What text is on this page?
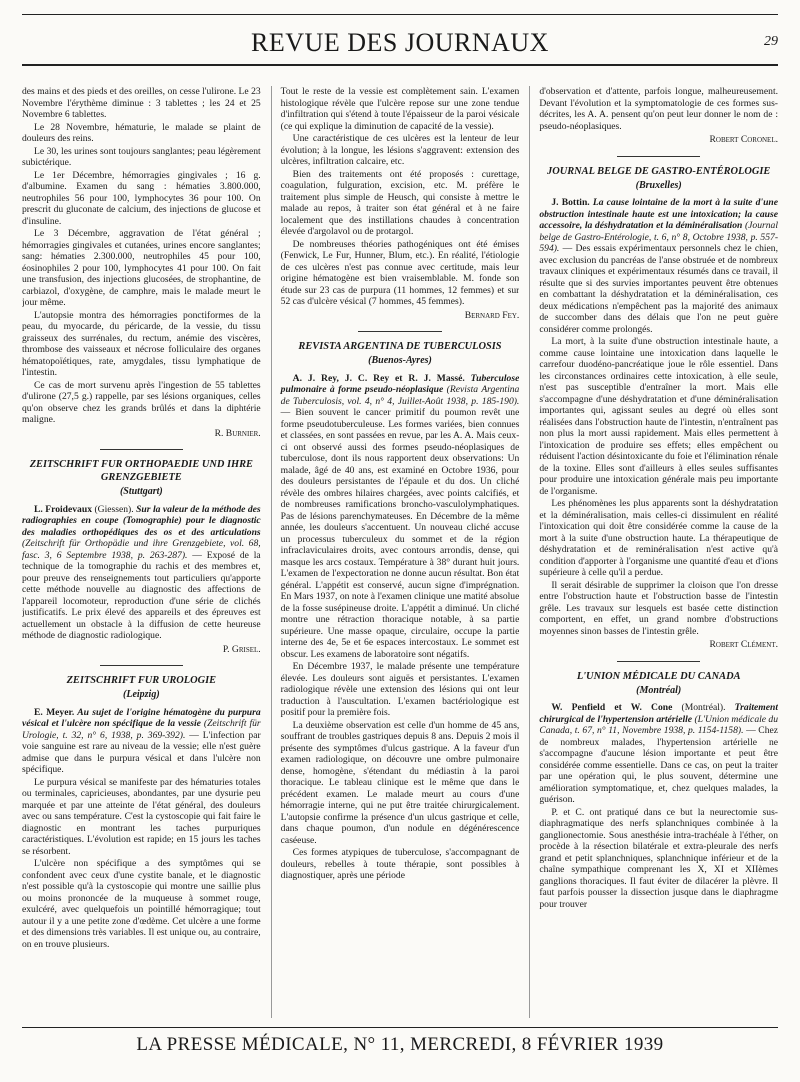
REVUE DES JOURNAUX	29

des mains et des pieds et des oreilles, on cesse l'ulirone. Le 23 Novembre l'érythème diminue : 3 tablettes ; les 24 et 25 Novembre 6 tablettes.

Le 28 Novembre, hématurie, le malade se plaint de douleurs des reins.

Le 30, les urines sont toujours sanglantes; peau légèrement subictérique.

Le 1er Décembre, hémorragies gingivales ; 16 g. d'albumine. Examen du sang : hématies 3.800.000, neutrophiles 56 pour 100, lymphocytes 36 pour 100. On prescrit du gluconate de calcium, des injections de glucose et d'insuline.

Le 3 Décembre, aggravation de l'état général ; hémorragies gingivales et cutanées, urines encore sanglantes; sang: hématies 2.300.000, neutrophiles 45 pour 100, éosinophiles 2 pour 100, lymphocytes 41 pour 100. On fait une transfusion, des injections glucosées, de strophantine, de carbiazol, d'oxygène, de camphre, mais le malade meurt le jour même.

L'autopsie montra des hémorragies ponctiformes de la peau, du myocarde, du péricarde, de la vessie, du tissu graisseux des surrénales, du rectum, anémie des viscères, thrombose des vaisseaux et nécrose folliculaire des organes hématopoïétiques, rate, amygdales, tissu lymphatique de l'intestin.

Ce cas de mort survenu après l'ingestion de 55 tablettes d'ulirone (27,5 g.) rappelle, par ses lésions organiques, celles qu'on observe chez les grands brûlés et dans la diphtérie maligne.

R. Burnier.
ZEITSCHRIFT FUR ORTHOPAEDIE UND IHRE GRENZGEBIETE
(Stuttgart)

L. Froidevaux (Giessen). Sur la valeur de la méthode des radiographies en coupe (Tomographie) pour le diagnostic des maladies orthopédiques des os et des articulations (Zeitschrift für Orthopädie und ihre Grenzgebiete, vol. 68, fasc. 3, 6 Septembre 1938, p. 263-287). — Exposé de la technique de la tomographie du rachis et des membres et, pour preuve des renseignements tout particuliers qu'apporte cette méthode nouvelle au diagnostic des affections de l'appareil locomoteur, reproduction d'une série de clichés justificatifs. Le prix élevé des appareils et des épreuves est actuellement un obstacle à la diffusion de cette heureuse méthode de diagnostic radiologique.

P. Grisel.
ZEITSCHRIFT FUR UROLOGIE
(Leipzig)

E. Meyer. Au sujet de l'origine hématogène du purpura vésical et l'ulcère non spécifique de la vessie (Zeitschrift für Urologie, t. 32, n° 6, 1938, p. 369-392). — L'infection par voie sanguine est rare au niveau de la vessie; elle n'est guère admise que dans le purpura vésical et dans l'ulcère non spécifique.

Le purpura vésical se manifeste par des hématuries totales ou terminales, capricieuses, abondantes, par une dysurie peu marquée et par une atteinte de l'état général, des douleurs avec ou sans température. C'est la cystoscopie qui fait faire le diagnostic en montrant les taches purpuriques caractéristiques. L'évolution est rapide; en 15 jours les taches se résorbent.

L'ulcère non spécifique a des symptômes qui se confondent avec ceux d'une cystite banale, et le diagnostic n'est possible qu'à la cystoscopie qui montre une saillie plus ou moins prononcée de la muqueuse à sommet rouge, exulcéré, avec quelquefois un pointillé hémorragique; tout autour il y a une petite zone d'œdème. Cet ulcère a une forme et des dimensions très variables. Il est unique ou, au contraire, on en trouve plusieurs.

Tout le reste de la vessie est complètement sain. L'examen histologique révèle que l'ulcère repose sur une zone tendue d'infiltration qui s'étend à toute l'épaisseur de la paroi vésicale (ce qui explique la diminution de capacité de la vessie).

Une caractéristique de ces ulcères est la lenteur de leur évolution; à la longue, les lésions s'aggravent: extension des ulcères, infiltration calcaire, etc.

Bien des traitements ont été proposés : curettage, coagulation, fulguration, excision, etc. M. préfère le traitement plus simple de Heusch, qui consiste à mettre le malade au repos, à traiter son état général et à ne faire localement que des instillations chaudes à concentration élevée d'argolavol ou de protargol.

De nombreuses théories pathogéniques ont été émises (Fenwick, Le Fur, Hunner, Blum, etc.). En réalité, l'étiologie de ces ulcères n'est pas connue avec certitude, mais leur origine hématogène est bien vraisemblable. M. fonde son étude sur 23 cas de purpura (11 hommes, 12 femmes) et sur 52 cas d'ulcère vésical (7 hommes, 45 femmes).

Bernard Fey.
REVISTA ARGENTINA DE TUBERCULOSIS
(Buenos-Ayres)

A. J. Rey, J. C. Rey et R. J. Massé. Tuberculose pulmonaire à forme pseudo-néoplasique (Revista Argentina de Tuberculosis, vol. 4, n° 4, Juillet-Août 1938, p. 185-190). — Bien souvent le cancer primitif du poumon revêt une forme pseudotuberculeuse. Les formes variées, bien connues et classées, en sont passées en revue, par les A. A. Mais ceux-ci ont observé aussi des formes pseudo-néoplasiques de tuberculose, dont ils nous rapportent deux observations: Un malade, âgé de 40 ans, est examiné en Octobre 1936, pour des douleurs persistantes de l'épaule et du dos. Un cliché révèle des ombres hilaires chargées, avec points calcifiés, et de nombreuses ramifications broncho-vasculolymphatiques. Pas de lésions parenchymateuses. En Décembre de la même année, les douleurs s'accentuent. Un nouveau cliché accuse un processus tuberculeux du sommet et de la région infraclaviculaires droits, avec contours arrondis, dense, qui masque les arcs costaux. Température à 38° durant huit jours. L'examen de l'expectoration ne donne aucun résultat. Bon état général. L'appétit est conservé, aucun signe d'imprégnation. En Mars 1937, on note à l'examen clinique une matité absolue de la fosse susépineuse droite. L'appétit a diminué. Un cliché montre une rétraction thoracique notable, à sa partie supérieure. Une masse opaque, circulaire, occupe la partie interne des 4e, 5e et 6e espaces intercostaux. Le sommet est obscur. Les examens de laboratoire sont négatifs.

En Décembre 1937, le malade présente une température élevée. Les douleurs sont aiguës et persistantes. L'examen radiologique révèle une extension des lésions qui ont leur traduction à l'auscultation. L'examen bactériologique est positif pour la première fois.

La deuxième observation est celle d'un homme de 45 ans, souffrant de troubles gastriques depuis 8 ans. Depuis 2 mois il présente des symptômes d'ulcus gastrique. A la faveur d'un examen radiologique, on découvre une ombre pulmonaire dense, homogène, s'étendant du médiastin à la paroi thoracique. Le tableau clinique est le même que dans le précédent examen. Le malade meurt au cours d'une hémorragie interne, qui ne put être traitée chirurgicalement. L'autopsie confirme la présence d'un ulcus gastrique et celle, dans chaque poumon, d'un nodule en dégénérescence caséeuse.

Ces formes atypiques de tuberculose, s'accompagnant de douleurs, rebelles à toute thérapie, sont possibles à diagnostiquer, après une période

d'observation et d'attente, parfois longue, malheureusement. Devant l'évolution et la symptomatologie de ces formes sus-décrites, les A. A. pensent qu'on peut leur donner le nom de : pseudo-néoplasiques.

Robert Coronel.
JOURNAL BELGE DE GASTRO-ENTÉROLOGIE
(Bruxelles)

J. Bottin. La cause lointaine de la mort à la suite d'une obstruction intestinale haute est une intoxication; la cause accessoire, la déshydratation et la déminéralisation (Journal belge de Gastro-Entérologie, t. 6, n° 8, Octobre 1938, p. 557-594). — Des essais expérimentaux personnels chez le chien, avec exclusion du pancréas de l'anse obstruée et de nombreux travaux cliniques et expérimentaux résumés dans ce travail, il résulte que si des survies importantes peuvent être obtenues en combattant la déshydratation et la déminéralisation, ces deux médications n'empêchent pas la majorité des animaux de succomber dans des délais que l'on ne peut guère considérer comme prolongés.

La mort, à la suite d'une obstruction intestinale haute, a comme cause lointaine une intoxication dans laquelle le carrefour duodéno-pancréatique joue le rôle essentiel. Dans les circonstances ordinaires cette intoxication, à elle seule, n'est pas susceptible d'entraîner la mort. Mais elle s'accompagne d'une déshydratation et d'une déminéralisation importantes qui, agissant seules au degré où elles sont réalisées dans l'obstruction haute de l'intestin, n'entraînent pas non plus la mort aussi rapidement. Mais elles permettent à l'intoxication de produire ses effets; elles empêchent ou réduisent l'action désintoxicante du foie et l'élimination rénale de la toxine. Elles sont d'ailleurs à elles seules suffisantes pour produire une intoxication générale mais peu importante de l'organisme.

Les phénomènes les plus apparents sont la déshydratation et la déminéralisation, mais celles-ci dissimulent en réalité l'intoxication qui doit être considérée comme la cause de la mort à la suite d'une obstruction haute. La thérapeutique de déshydratation et de reminéralisation n'est active qu'à condition d'apporter à l'organisme une quantité d'eau et d'ions supérieure à celle qu'il a perdue.

Il serait désirable de supprimer la cloison que l'on dresse entre l'obstruction haute et l'obstruction basse de l'intestin grêle. Les travaux sur lesquels est basée cette distinction comportent, en effet, un grand nombre d'obstructions moyennes sinon basses de l'intestin grêle.

Robert Clément.
L'UNION MÉDICALE DU CANADA
(Montréal)

W. Penfield et W. Cone (Montréal). Traitement chirurgical de l'hypertension artérielle (L'Union médicale du Canada, t. 67, n° 11, Novembre 1938, p. 1154-1158). — Chez de nombreux malades, l'hypertension artérielle ne s'accompagne d'aucune lésion importante et peut être considérée comme essentielle. Dans ce cas, on peut la traiter par une opération qui, le plus souvent, détermine une amélioration symptomatique, et, chez quelques malades, la guérison.

P. et C. ont pratiqué dans ce but la neurectomie sus-diaphragmatique des nerfs splanchniques combinée à la ganglionectomie. Sous anesthésie intra-trachéale à l'éther, on procède à la résection bilatérale et extra-pleurale des nerfs grand et petit splanchniques, splanchnique inférieur et de la chaîne sympathique comprenant les X, XI et XIIèmes ganglions thoraciques. Il faut éviter de dilacérer la plèvre. Il faut parfois pousser la dissection jusque dans le diaphragme pour trouver

LA PRESSE MÉDICALE, N° 11, MERCREDI, 8 FÉVRIER 1939
